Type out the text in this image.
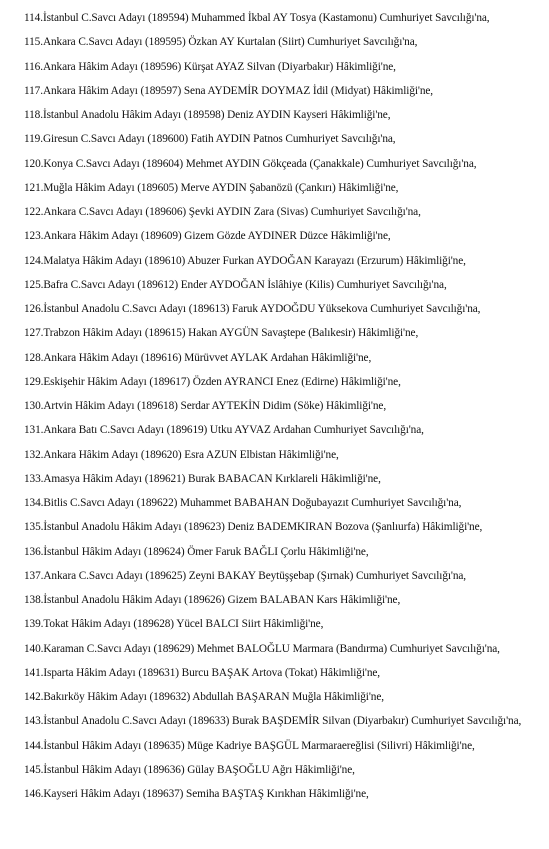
114. İstanbul C.Savcı Adayı (189594) Muhammed İkbal AY Tosya (Kastamonu) Cumhuriyet Savcılığı'na,
115. Ankara C.Savcı Adayı (189595) Özkan AY Kurtalan (Siirt) Cumhuriyet Savcılığı'na,
116. Ankara Hâkim Adayı (189596) Kürşat AYAZ Silvan (Diyarbakır) Hâkimliği'ne,
117. Ankara Hâkim Adayı (189597) Sena AYDEMİR DOYMAZ İdil (Midyat) Hâkimliği'ne,
118. İstanbul Anadolu Hâkim Adayı (189598) Deniz AYDIN Kayseri Hâkimliği'ne,
119. Giresun C.Savcı Adayı (189600) Fatih AYDIN Patnos Cumhuriyet Savcılığı'na,
120. Konya C.Savcı Adayı (189604) Mehmet AYDIN Gökçeada (Çanakkale) Cumhuriyet Savcılığı'na,
121. Muğla Hâkim Adayı (189605) Merve AYDIN Şabanözü (Çankırı) Hâkimliği'ne,
122. Ankara C.Savcı Adayı (189606) Şevki AYDIN Zara (Sivas) Cumhuriyet Savcılığı'na,
123. Ankara Hâkim Adayı (189609) Gizem Gözde AYDINER Düzce Hâkimliği'ne,
124. Malatya Hâkim Adayı (189610) Abuzer Furkan AYDOĞAN Karayazı (Erzurum) Hâkimliği'ne,
125. Bafra C.Savcı Adayı (189612) Ender AYDOĞAN İslâhiye (Kilis) Cumhuriyet Savcılığı'na,
126. İstanbul Anadolu C.Savcı Adayı (189613) Faruk AYDOĞDU Yüksekova Cumhuriyet Savcılığı'na,
127. Trabzon Hâkim Adayı (189615) Hakan AYGÜN Savaştepe (Balıkesir) Hâkimliği'ne,
128. Ankara Hâkim Adayı (189616) Mürüvvet AYLAK Ardahan Hâkimliği'ne,
129. Eskişehir Hâkim Adayı (189617) Özden AYRANCI Enez (Edirne) Hâkimliği'ne,
130. Artvin Hâkim Adayı (189618) Serdar AYTEKİN Didim (Söke) Hâkimliği'ne,
131. Ankara Batı C.Savcı Adayı (189619) Utku AYVAZ Ardahan Cumhuriyet Savcılığı'na,
132. Ankara Hâkim Adayı (189620) Esra AZUN Elbistan Hâkimliği'ne,
133. Amasya Hâkim Adayı (189621) Burak BABACAN Kırklareli Hâkimliği'ne,
134. Bitlis C.Savcı Adayı (189622) Muhammet BABAHAN Doğubayazıt Cumhuriyet Savcılığı'na,
135. İstanbul Anadolu Hâkim Adayı (189623) Deniz BADEMKIRAN Bozova (Şanlıurfa) Hâkimliği'ne,
136. İstanbul Hâkim Adayı (189624) Ömer Faruk BAĞLI Çorlu Hâkimliği'ne,
137. Ankara C.Savcı Adayı (189625) Zeyni BAKAY Beytüşşebap (Şırnak) Cumhuriyet Savcılığı'na,
138. İstanbul Anadolu Hâkim Adayı (189626) Gizem BALABAN Kars Hâkimliği'ne,
139. Tokat Hâkim Adayı (189628) Yücel BALCI Siirt Hâkimliği'ne,
140. Karaman C.Savcı Adayı (189629) Mehmet BALOĞLU Marmara (Bandırma) Cumhuriyet Savcılığı'na,
141. Isparta Hâkim Adayı (189631) Burcu BAŞAK Artova (Tokat) Hâkimliği'ne,
142. Bakırköy Hâkim Adayı (189632) Abdullah BAŞARAN Muğla Hâkimliği'ne,
143. İstanbul Anadolu C.Savcı Adayı (189633) Burak BAŞDEMİR Silvan (Diyarbakır) Cumhuriyet Savcılığı'na,
144. İstanbul Hâkim Adayı (189635) Müge Kadriye BAŞGÜL Marmaraereğlisi (Silivri) Hâkimliği'ne,
145. İstanbul Hâkim Adayı (189636) Gülay BAŞOĞLU Ağrı Hâkimliği'ne,
146. Kayseri Hâkim Adayı (189637) Semiha BAŞTAŞ Kırıkhan Hâkimliği'ne,
